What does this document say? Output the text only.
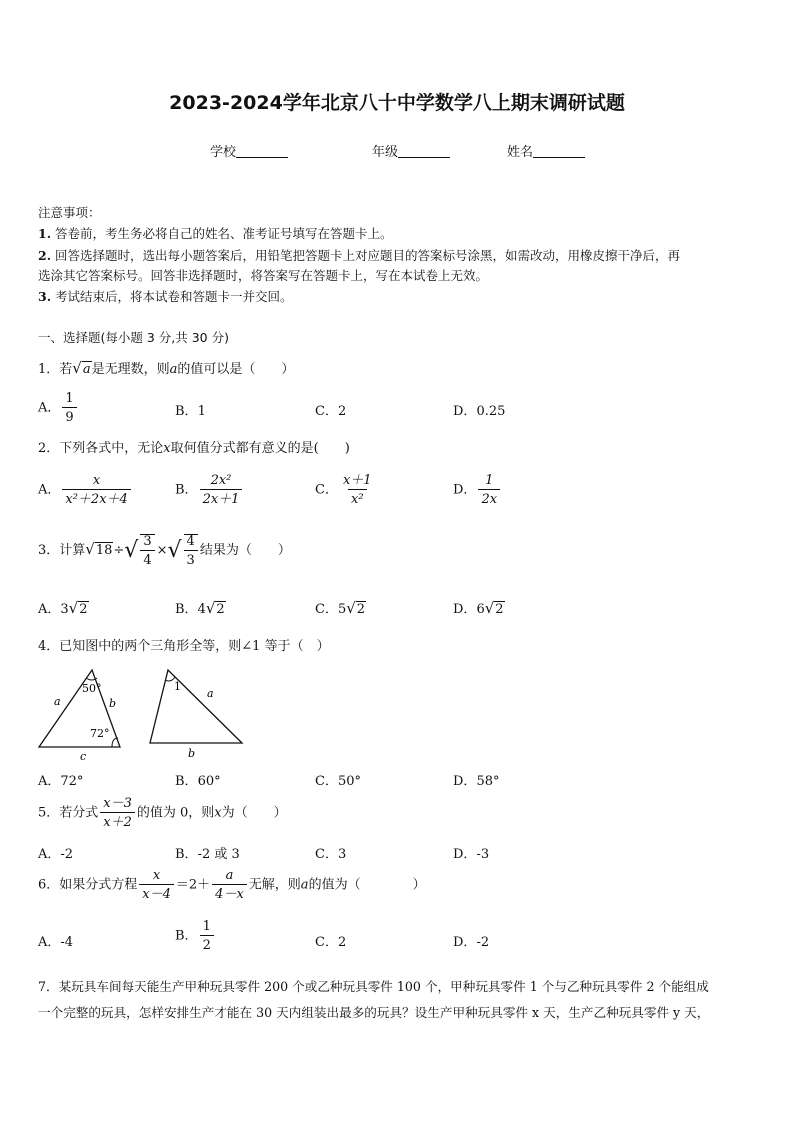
2023-2024学年北京八十中学数学八上期末调研试题
学校	年级	姓名
注意事项：
1. 答卷前，考生务必将自己的姓名、准考证号填写在答题卡上。
2. 回答选择题时，选出每小题答案后，用铅笔把答题卡上对应题目的答案标号涂黑，如需改动，用橡皮擦干净后，再
选涂其它答案标号。回答非选择题时，将答案写在答题卡上，写在本试卷上无效。
3. 考试结束后，将本试卷和答题卡一并交回。
一、选择题(每小题 3 分,共 30 分)
1．若√a是无理数，则a的值可以是（　　）
A． $\frac{1}{9}$	B．1	C．2	D．0.25
2．下列各式中，无论x取何值分式都有意义的是(　　)
A． $\frac{x}{\text{x²＋2x＋4}}$	B． $\frac{\text{2x²}}{2x+1}$	C． $\frac{x+1}{\text{x²}}$	D． $\frac{1}{2x}$
3．计算$√18\div√ \frac{3}{4}$ ×√ $\frac{4}{3}$ 结果为（　　）
A．3√2	B．4√2	C．5√2	D．6√2
4．已知图中的两个三角形全等，则∠1 等于（　）
50°
72°
a	b
c
1
a
b
A．72°	B．60°	C．50°	D．58°
5．若分式 $\frac{x-3}{x+2}$ 的值为 0，则x为（　　）
A．-2	B．-2 或 3	C．3	D．-3
6．如果分式方程 $\frac{x}{x-4} =2+ \frac{a}{4-x}$ 无解，则a的值为（　　　　）
A．-4	B． $\frac{1}{2}$	C．2	D．-2
7．某玩具车间每天能生产甲种玩具零件 200 个或乙种玩具零件 100 个，甲种玩具零件 1 个与乙种玩具零件 2 个能组成
一个完整的玩具，怎样安排生产才能在 30 天内组装出最多的玩具？设生产甲种玩具零件 x 天，生产乙种玩具零件 y 天，
